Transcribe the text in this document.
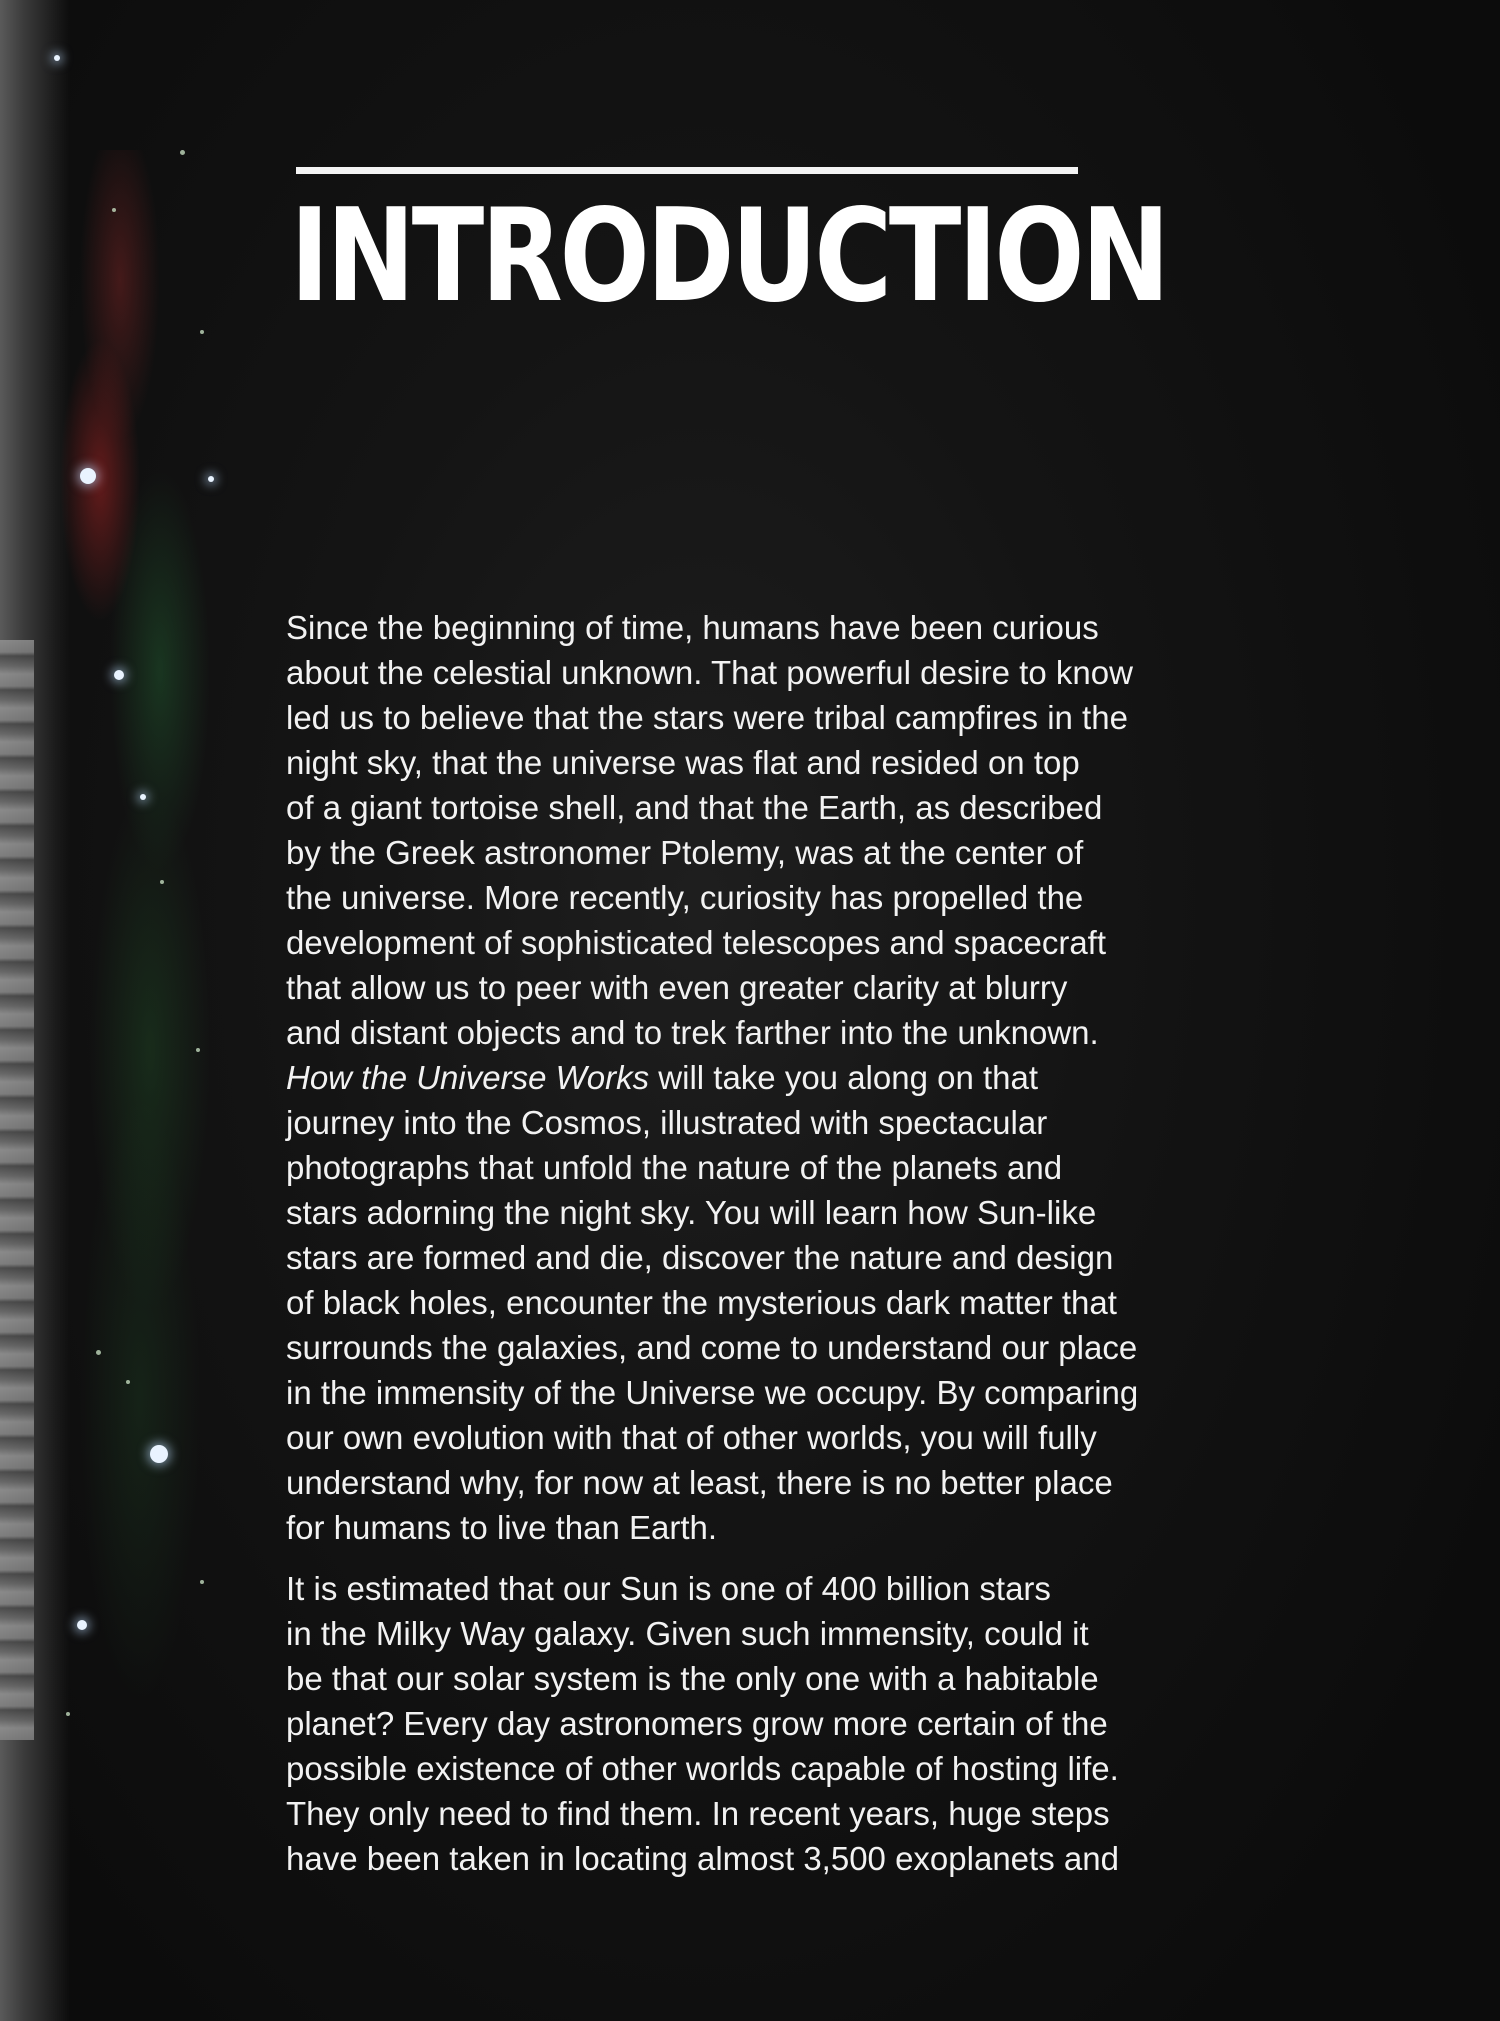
INTRODUCTION
Since the beginning of time, humans have been curious
about the celestial unknown. That powerful desire to know
led us to believe that the stars were tribal campfires in the
night sky, that the universe was flat and resided on top
of a giant tortoise shell, and that the Earth, as described
by the Greek astronomer Ptolemy, was at the center of
the universe. More recently, curiosity has propelled the
development of sophisticated telescopes and spacecraft
that allow us to peer with even greater clarity at blurry
and distant objects and to trek farther into the unknown.
How the Universe Works will take you along on that
journey into the Cosmos, illustrated with spectacular
photographs that unfold the nature of the planets and
stars adorning the night sky. You will learn how Sun-like
stars are formed and die, discover the nature and design
of black holes, encounter the mysterious dark matter that
surrounds the galaxies, and come to understand our place
in the immensity of the Universe we occupy. By comparing
our own evolution with that of other worlds, you will fully
understand why, for now at least, there is no better place
for humans to live than Earth.
It is estimated that our Sun is one of 400 billion stars
in the Milky Way galaxy. Given such immensity, could it
be that our solar system is the only one with a habitable
planet? Every day astronomers grow more certain of the
possible existence of other worlds capable of hosting life.
They only need to find them. In recent years, huge steps
have been taken in locating almost 3,500 exoplanets and
